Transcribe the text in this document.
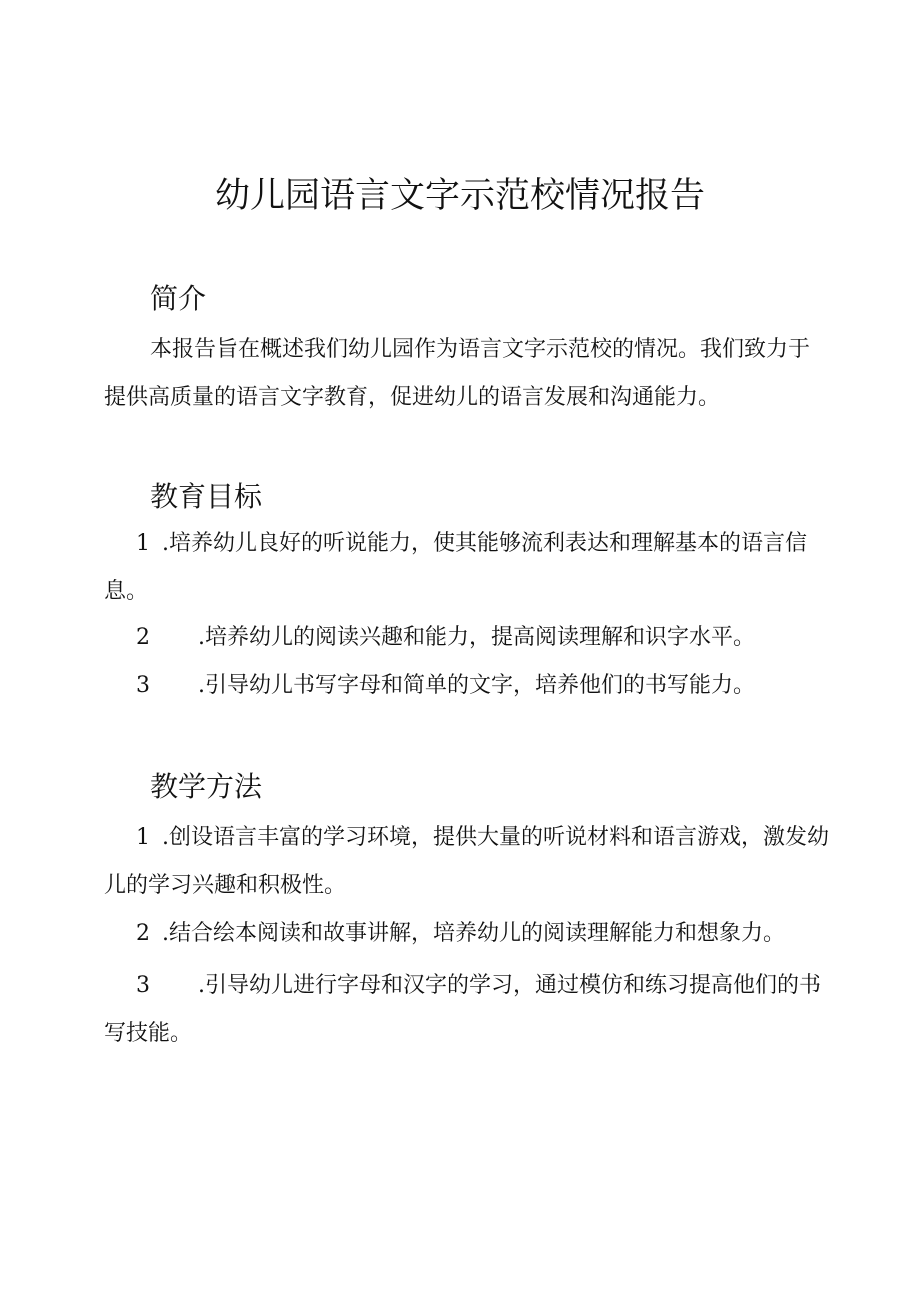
幼儿园语言文字示范校情况报告
简介

本报告旨在概述我们幼儿园作为语言文字示范校的情况。我们致力于提供高质量的语言文字教育，促进幼儿的语言发展和沟通能力。

教育目标

1 .培养幼儿良好的听说能力，使其能够流利表达和理解基本的语言信息。

2 .培养幼儿的阅读兴趣和能力，提高阅读理解和识字水平。

3 .引导幼儿书写字母和简单的文字，培养他们的书写能力。

教学方法

1 .创设语言丰富的学习环境，提供大量的听说材料和语言游戏，激发幼儿的学习兴趣和积极性。

2 .结合绘本阅读和故事讲解，培养幼儿的阅读理解能力和想象力。

3 .引导幼儿进行字母和汉字的学习，通过模仿和练习提高他们的书写技能。
